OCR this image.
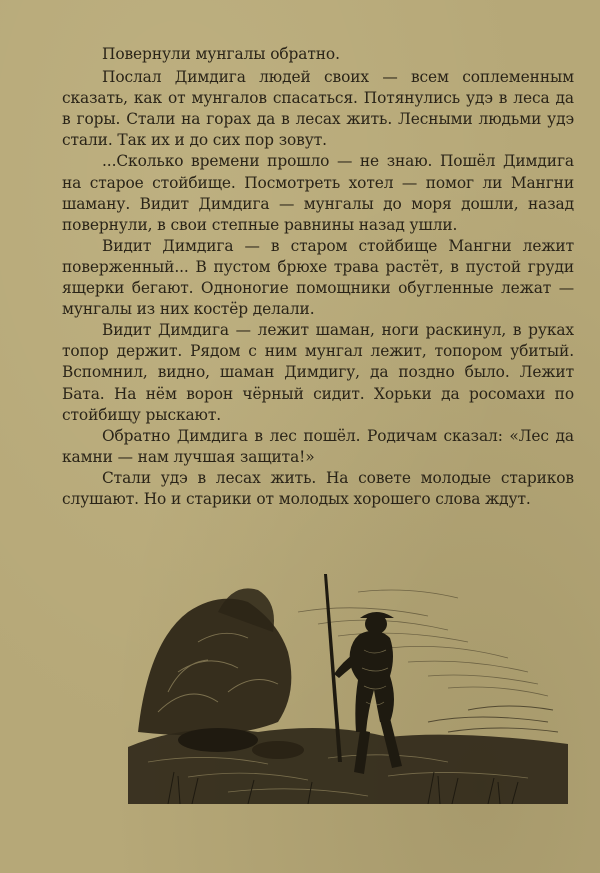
Повернули мунгалы обратно.

Послал Димдига людей своих — всем соплеменным сказать, как от мунгалов спасаться. Потянулись удэ в леса да в горы. Стали на горах да в лесах жить. Лесными людьми удэ стали. Так их и до сих пор зовут.

...Сколько времени прошло — не знаю. Пошёл Димдига на старое стойбище. Посмотреть хотел — помог ли Мангни шаману. Видит Димдига — мунгалы до моря дошли, назад повернули, в свои степные равнины назад ушли.

Видит Димдига — в старом стойбище Мангни лежит поверженный... В пустом брюхе трава растёт, в пустой груди ящерки бегают. Одноногие помощники обугленные лежат — мунгалы из них костёр делали.

Видит Димдига — лежит шаман, ноги раскинул, в руках топор держит. Рядом с ним мунгал лежит, топором убитый. Вспомнил, видно, шаман Димдигу, да поздно было. Лежит Бата. На нём ворон чёрный сидит. Хорьки да росомахи по стойбищу рыскают.

Обратно Димдига в лес пошёл. Родичам сказал: «Лес да камни — нам лучшая защита!»

Стали удэ в лесах жить. На совете молодые стариков слушают. Но и старики от молодых хорошего слова ждут.
